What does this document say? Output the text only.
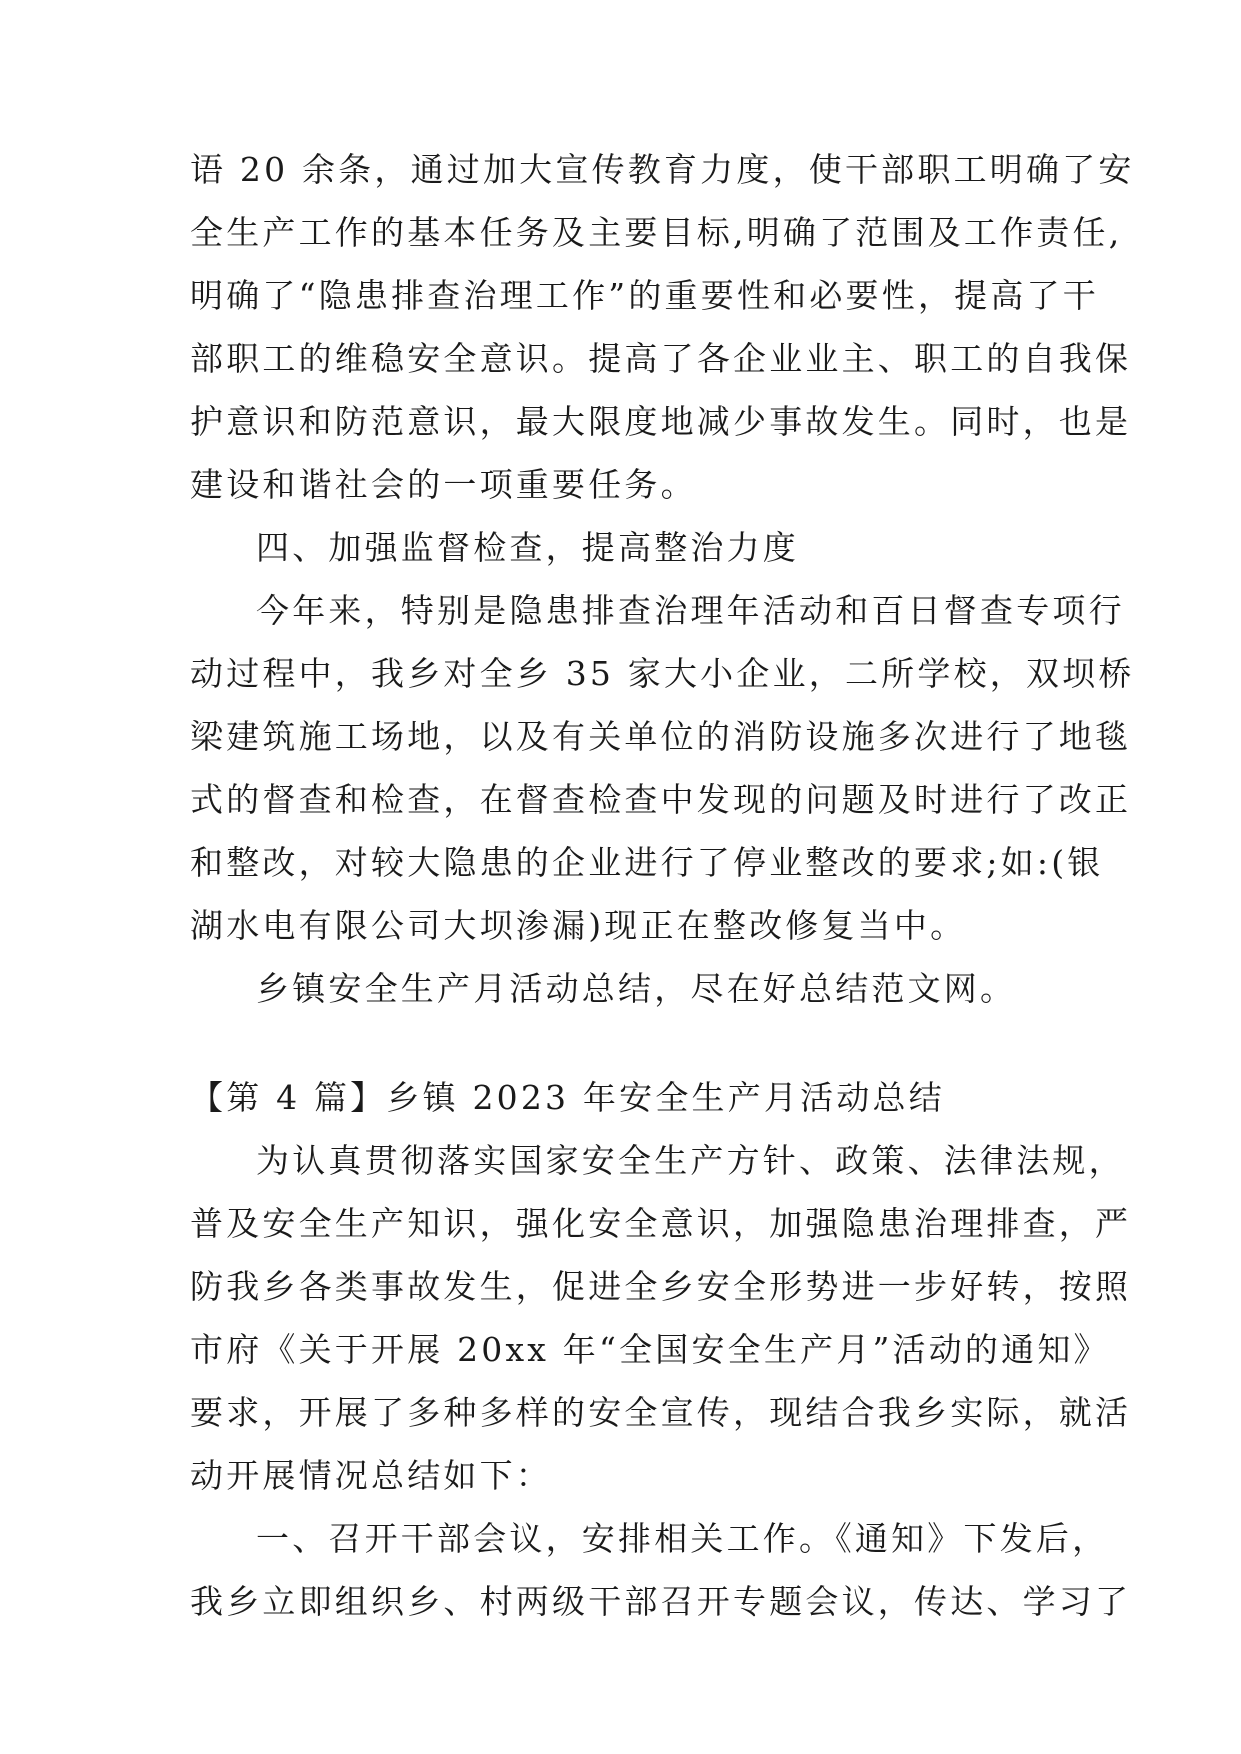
语 20 余条，通过加大宣传教育力度，使干部职工明确了安
全生产工作的基本任务及主要目标,明确了范围及工作责任,
明确了“隐患排查治理工作”的重要性和必要性，提高了干
部职工的维稳安全意识。提高了各企业业主、职工的自我保
护意识和防范意识，最大限度地减少事故发生。同时，也是
建设和谐社会的一项重要任务。
四、加强监督检查，提高整治力度
今年来，特别是隐患排查治理年活动和百日督查专项行
动过程中，我乡对全乡 35 家大小企业，二所学校，双坝桥
梁建筑施工场地，以及有关单位的消防设施多次进行了地毯
式的督查和检查，在督查检查中发现的问题及时进行了改正
和整改，对较大隐患的企业进行了停业整改的要求;如:(银
湖水电有限公司大坝渗漏)现正在整改修复当中。
乡镇安全生产月活动总结，尽在好总结范文网。
【第 4 篇】乡镇 2023 年安全生产月活动总结
为认真贯彻落实国家安全生产方针、政策、法律法规，
普及安全生产知识，强化安全意识，加强隐患治理排查，严
防我乡各类事故发生，促进全乡安全形势进一步好转，按照
市府《关于开展 20xx 年“全国安全生产月”活动的通知》
要求，开展了多种多样的安全宣传，现结合我乡实际，就活
动开展情况总结如下：
一、召开干部会议，安排相关工作。《通知》下发后，
我乡立即组织乡、村两级干部召开专题会议，传达、学习了
